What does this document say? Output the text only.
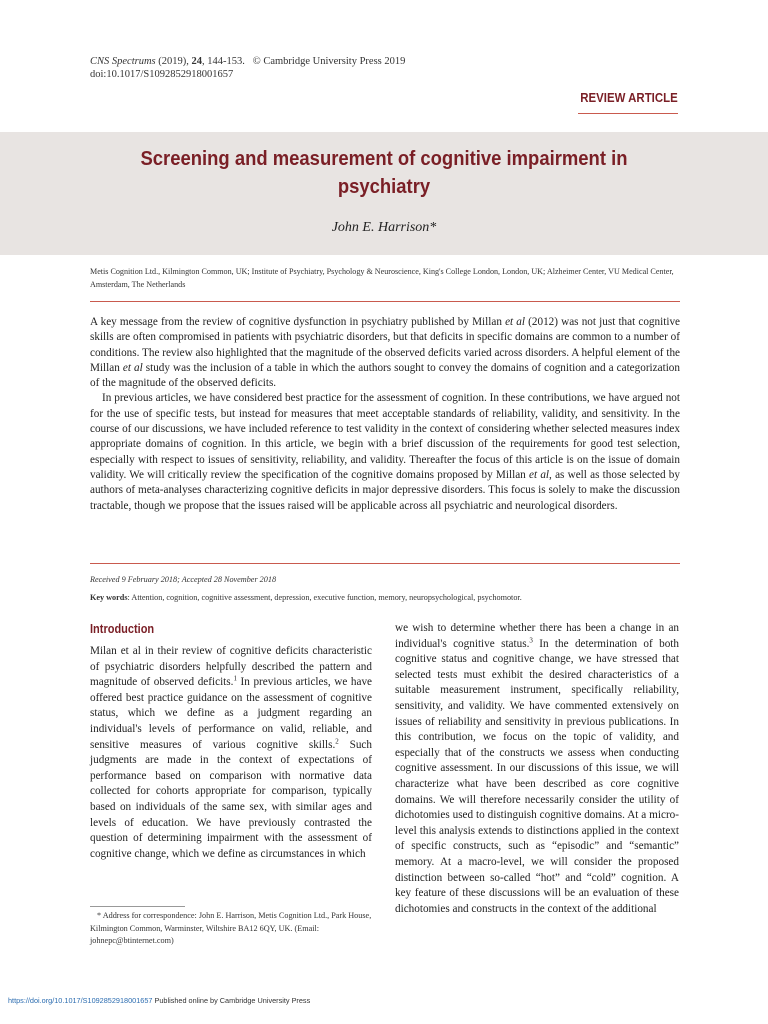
CNS Spectrums (2019), 24, 144-153. © Cambridge University Press 2019
doi:10.1017/S1092852918001657
REVIEW ARTICLE
Screening and measurement of cognitive impairment in psychiatry
John E. Harrison*
Metis Cognition Ltd., Kilmington Common, UK; Institute of Psychiatry, Psychology & Neuroscience, King's College London, London, UK; Alzheimer Center, VU Medical Center, Amsterdam, The Netherlands

A key message from the review of cognitive dysfunction in psychiatry published by Millan et al (2012) was not just that cognitive skills are often compromised in patients with psychiatric disorders, but that deficits in specific domains are common to a number of conditions. The review also highlighted that the magnitude of the observed deficits varied across disorders. A helpful element of the Millan et al study was the inclusion of a table in which the authors sought to convey the domains of cognition and a categorization of the magnitude of the observed deficits.

In previous articles, we have considered best practice for the assessment of cognition. In these contributions, we have argued not for the use of specific tests, but instead for measures that meet acceptable standards of reliability, validity, and sensitivity. In the course of our discussions, we have included reference to test validity in the context of considering whether selected measures index appropriate domains of cognition. In this article, we begin with a brief discussion of the requirements for good test selection, especially with respect to issues of sensitivity, reliability, and validity. Thereafter the focus of this article is on the issue of domain validity. We will critically review the specification of the cognitive domains proposed by Millan et al, as well as those selected by authors of meta-analyses characterizing cognitive deficits in major depressive disorders. This focus is solely to make the discussion tractable, though we propose that the issues raised will be applicable across all psychiatric and neurological disorders.

Received 9 February 2018; Accepted 28 November 2018
Key words: Attention, cognition, cognitive assessment, depression, executive function, memory, neuropsychological, psychomotor.
Introduction

Milan et al in their review of cognitive deficits characteristic of psychiatric disorders helpfully described the pattern and magnitude of observed deficits.$^1$ In previous articles, we have offered best practice guidance on the assessment of cognitive status, which we define as a judgment regarding an individual's levels of performance on valid, reliable, and sensitive measures of various cognitive skills.$^2$ Such judgments are made in the context of expectations of performance based on comparison with normative data collected for cohorts appropriate for comparison, typically based on individuals of the same sex, with similar ages and levels of education. We have previously contrasted the question of determining impairment with the assessment of cognitive change, which we define as circumstances in which

we wish to determine whether there has been a change in an individual's cognitive status.$^3$ In the determination of both cognitive status and cognitive change, we have stressed that selected tests must exhibit the desired characteristics of a suitable measurement instrument, specifically reliability, sensitivity, and validity. We have commented extensively on issues of reliability and sensitivity in previous publications. In this contribution, we focus on the topic of validity, and especially that of the constructs we assess when conducting cognitive assessment. In our discussions of this issue, we will characterize what have been described as core cognitive domains. We will therefore necessarily consider the utility of dichotomies used to distinguish cognitive domains. At a micro-level this analysis extends to distinctions applied in the context of specific constructs, such as “episodic” and “semantic” memory. At a macro-level, we will consider the proposed distinction between so-called “hot” and “cold” cognition. A key feature of these discussions will be an evaluation of these dichotomies and constructs in the context of the additional

* Address for correspondence: John E. Harrison, Metis Cognition Ltd., Park House, Kilmington Common, Warminster, Wiltshire BA12 6QY, UK. (Email: johnepc@btinternet.com)

https://doi.org/10.1017/S1092852918001657 Published online by Cambridge University Press
